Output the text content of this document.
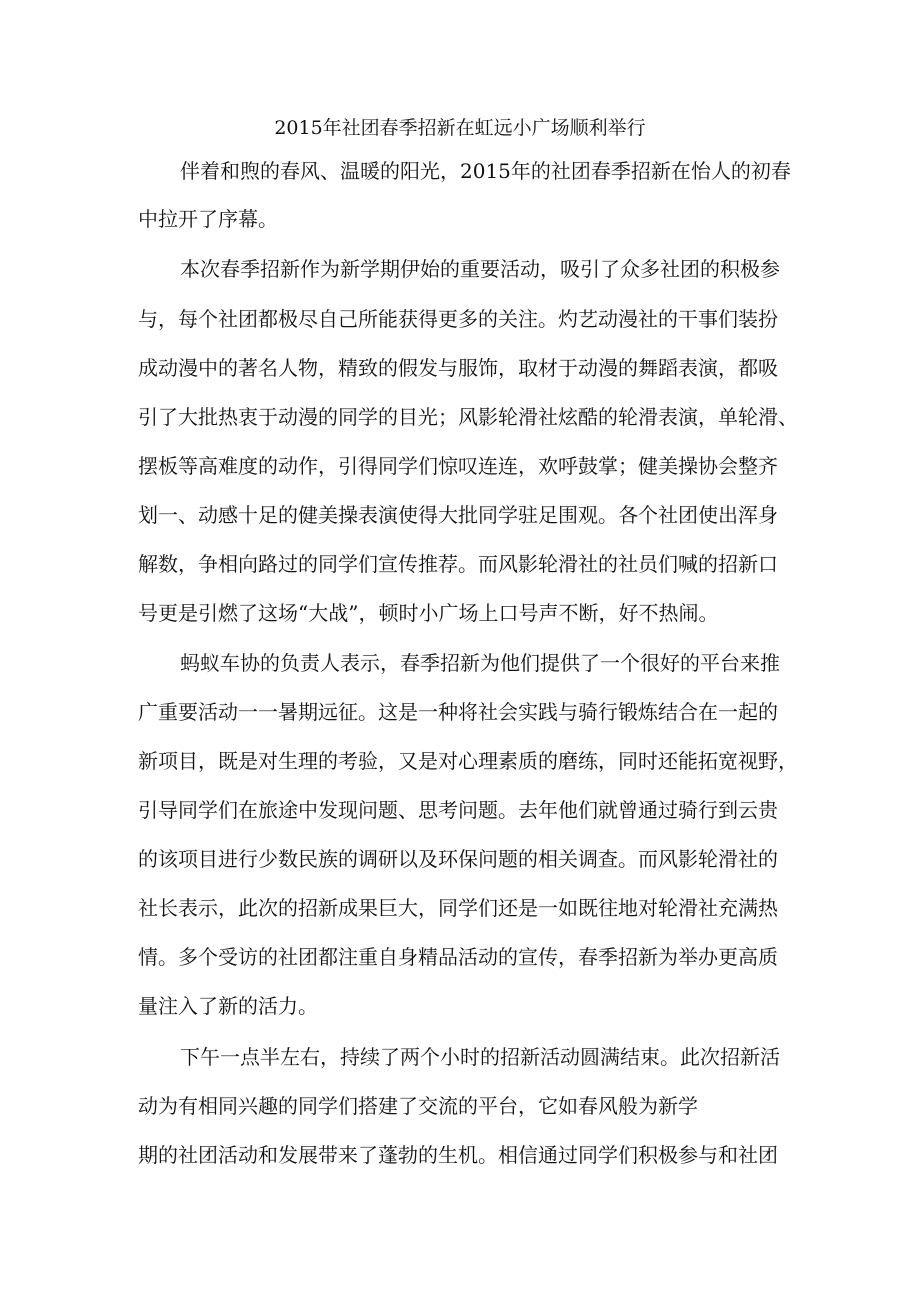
2015年社团春季招新在虹远小广场顺利举行

伴着和煦的春风、温暖的阳光，2015年的社团春季招新在怡人的初春

中拉开了序幕。

本次春季招新作为新学期伊始的重要活动，吸引了众多社团的积极参

与，每个社团都极尽自己所能获得更多的关注。灼艺动漫社的干事们装扮

成动漫中的著名人物，精致的假发与服饰，取材于动漫的舞蹈表演，都吸

引了大批热衷于动漫的同学的目光；风影轮滑社炫酷的轮滑表演，单轮滑、

摆板等高难度的动作，引得同学们惊叹连连，欢呼鼓掌；健美操协会整齐

划一、动感十足的健美操表演使得大批同学驻足围观。各个社团使出浑身

解数，争相向路过的同学们宣传推荐。而风影轮滑社的社员们喊的招新口

号更是引燃了这场“大战”，顿时小广场上口号声不断，好不热闹。

蚂蚁车协的负责人表示，春季招新为他们提供了一个很好的平台来推

广重要活动一一暑期远征。这是一种将社会实践与骑行锻炼结合在一起的

新项目，既是对生理的考验，又是对心理素质的磨练，同时还能拓宽视野，

引导同学们在旅途中发现问题、思考问题。去年他们就曾通过骑行到云贵

的该项目进行少数民族的调研以及环保问题的相关调查。而风影轮滑社的

社长表示，此次的招新成果巨大，同学们还是一如既往地对轮滑社充满热

情。多个受访的社团都注重自身精品活动的宣传，春季招新为举办更高质

量注入了新的活力。

下午一点半左右，持续了两个小时的招新活动圆满结束。此次招新活

动为有相同兴趣的同学们搭建了交流的平台，它如春风般为新学

期的社团活动和发展带来了蓬勃的生机。相信通过同学们积极参与和社团
